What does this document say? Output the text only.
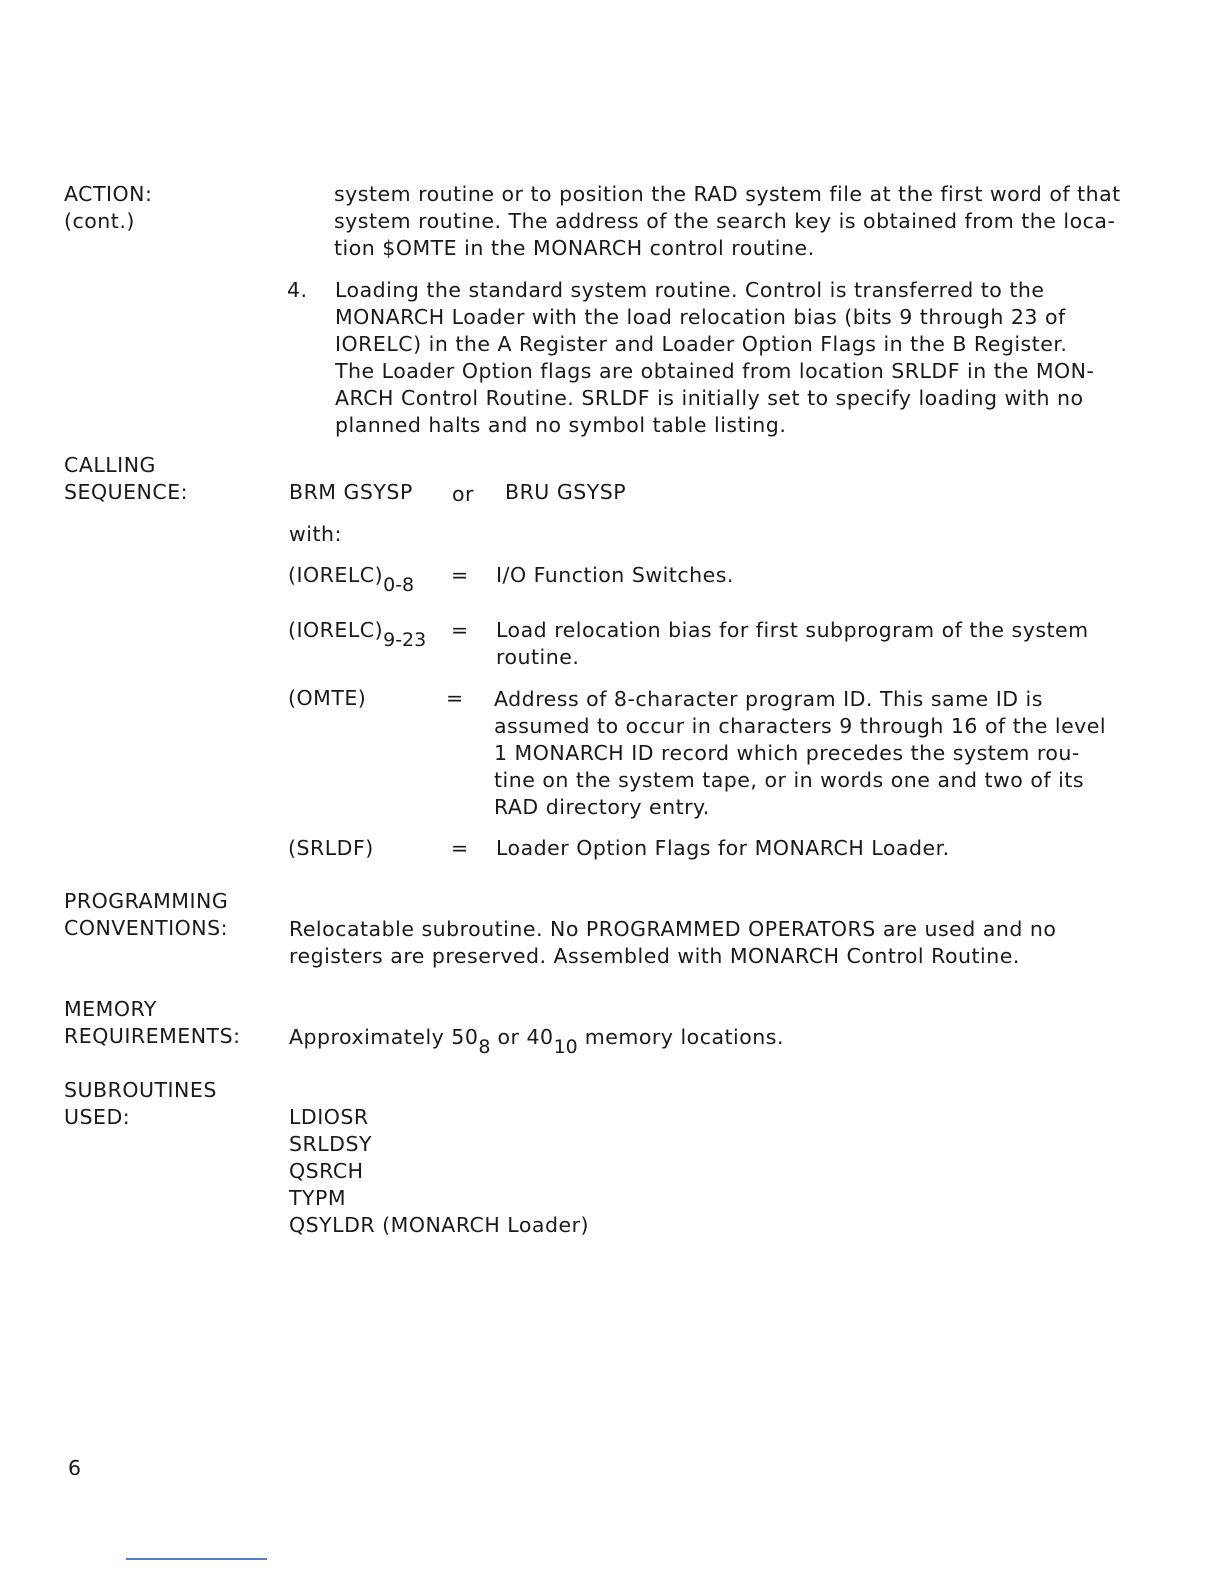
ACTION:
(cont.)
system routine or to position the RAD system file at the first word of that
system routine. The address of the search key is obtained from the loca-
tion $OMTE in the MONARCH control routine.
4. Loading the standard system routine. Control is transferred to the
MONARCH Loader with the load relocation bias (bits 9 through 23 of
IORELC) in the A Register and Loader Option Flags in the B Register.
The Loader Option flags are obtained from location SRLDF in the MON-
ARCH Control Routine. SRLDF is initially set to specify loading with no
planned halts and no symbol table listing.
CALLING
SEQUENCE:	BRM GSYSP or BRU GSYSP
with:
$(IORELC)_{0-8} = I/O$ Function Switches.
$(IORELC)_{9-23}$ = Load relocation bias for first subprogram of the system
routine.
(OMTE)	= Address of 8-character program ID. This same ID is
assumed to occur in characters 9 through 16 of the level
1 MONARCH ID record which precedes the system rou-
tine on the system tape, or in words one and two of its
RAD directory entry.
(SRLDF)	= Loader Option Flags for MONARCH Loader.
PROGRAMMING
CONVENTIONS:	Relocatable subroutine. No PROGRAMMED OPERATORS are used and no
registers are preserved. Assembled with MONARCH Control Routine.
MEMORY
REQUIREMENTS: Approximately $50_8$ or $40_{10}$ memory locations.
SUBROUTINES
USED:	LDIOSR
SRLDSY
QSRCH
TYPM
QSYLDR (MONARCH Loader)
6
